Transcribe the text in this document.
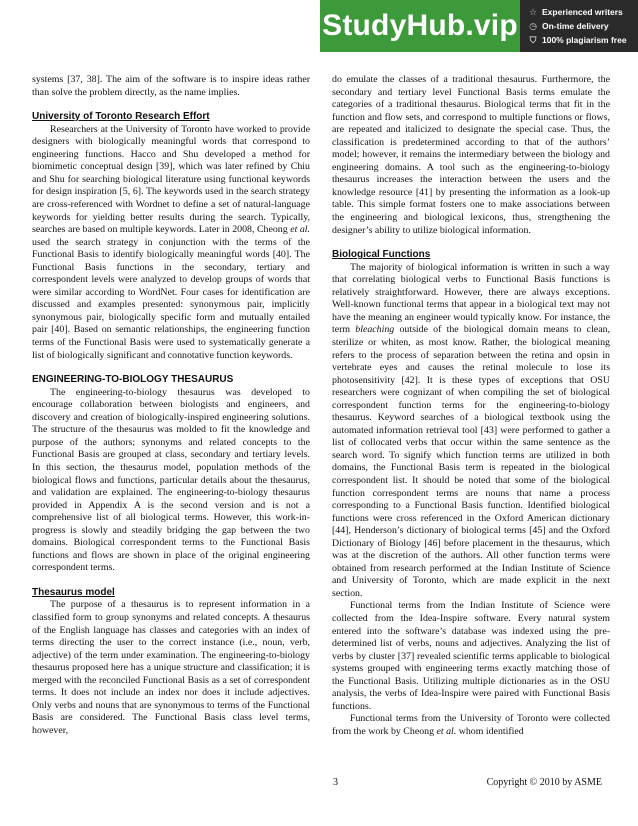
StudyHub.vip ☆ Experienced writers
◷ On-time delivery
⛉ 100% plagiarism free

systems [37, 38]. The aim of the software is to inspire ideas rather than solve the problem directly, as the name implies.

University of Toronto Research Effort

Researchers at the University of Toronto have worked to provide designers with biologically meaningful words that correspond to engineering functions. Hacco and Shu developed a method for biomimetic conceptual design [39], which was later refined by Chiu and Shu for searching biological literature using functional keywords for design inspiration [5, 6]. The keywords used in the search strategy are cross-referenced with Wordnet to define a set of natural-language keywords for yielding better results during the search. Typically, searches are based on multiple keywords. Later in 2008, Cheong et al. used the search strategy in conjunction with the terms of the Functional Basis to identify biologically meaningful words [40]. The Functional Basis functions in the secondary, tertiary and correspondent levels were analyzed to develop groups of words that were similar according to WordNet. Four cases for identification are discussed and examples presented: synonymous pair, implicitly synonymous pair, biologically specific form and mutually entailed pair [40]. Based on semantic relationships, the engineering function terms of the Functional Basis were used to systematically generate a list of biologically significant and connotative function keywords.

ENGINEERING-TO-BIOLOGY THESAURUS

The engineering-to-biology thesaurus was developed to encourage collaboration between biologists and engineers, and discovery and creation of biologically-inspired engineering solutions. The structure of the thesaurus was molded to fit the knowledge and purpose of the authors; synonyms and related concepts to the Functional Basis are grouped at class, secondary and tertiary levels. In this section, the thesaurus model, population methods of the biological flows and functions, particular details about the thesaurus, and validation are explained. The engineering-to-biology thesaurus provided in Appendix A is the second version and is not a comprehensive list of all biological terms. However, this work-in-progress is slowly and steadily bridging the gap between the two domains. Biological correspondent terms to the Functional Basis functions and flows are shown in place of the original engineering correspondent terms.

Thesaurus model

The purpose of a thesaurus is to represent information in a classified form to group synonyms and related concepts. A thesaurus of the English language has classes and categories with an index of terms directing the user to the correct instance (i.e., noun, verb, adjective) of the term under examination. The engineering-to-biology thesaurus proposed here has a unique structure and classification; it is merged with the reconciled Functional Basis as a set of correspondent terms. It does not include an index nor does it include adjectives. Only verbs and nouns that are synonymous to terms of the Functional Basis are considered. The Functional Basis class level terms, however,

do emulate the classes of a traditional thesaurus. Furthermore, the secondary and tertiary level Functional Basis terms emulate the categories of a traditional thesaurus. Biological terms that fit in the function and flow sets, and correspond to multiple functions or flows, are repeated and italicized to designate the special case. Thus, the classification is predetermined according to that of the authors’ model; however, it remains the intermediary between the biology and engineering domains. A tool such as the engineering-to-biology thesaurus increases the interaction between the users and the knowledge resource [41] by presenting the information as a look-up table. This simple format fosters one to make associations between the engineering and biological lexicons, thus, strengthening the designer’s ability to utilize biological information.

Biological Functions

The majority of biological information is written in such a way that correlating biological verbs to Functional Basis functions is relatively straightforward. However, there are always exceptions. Well-known functional terms that appear in a biological text may not have the meaning an engineer would typically know. For instance, the term bleaching outside of the biological domain means to clean, sterilize or whiten, as most know. Rather, the biological meaning refers to the process of separation between the retina and opsin in vertebrate eyes and causes the retinal molecule to lose its photosensitivity [42]. It is these types of exceptions that OSU researchers were cognizant of when compiling the set of biological correspondent function terms for the engineering-to-biology thesaurus. Keyword searches of a biological textbook using the automated information retrieval tool [43] were performed to gather a list of collocated verbs that occur within the same sentence as the search word. To signify which function terms are utilized in both domains, the Functional Basis term is repeated in the biological correspondent list. It should be noted that some of the biological function correspondent terms are nouns that name a process corresponding to a Functional Basis function. Identified biological functions were cross referenced in the Oxford American dictionary [44], Henderson’s dictionary of biological terms [45] and the Oxford Dictionary of Biology [46] before placement in the thesaurus, which was at the discretion of the authors. All other function terms were obtained from research performed at the Indian Institute of Science and University of Toronto, which are made explicit in the next section.

Functional terms from the Indian Institute of Science were collected from the Idea-Inspire software. Every natural system entered into the software’s database was indexed using the pre-determined list of verbs, nouns and adjectives. Analyzing the list of verbs by cluster [37] revealed scientific terms applicable to biological systems grouped with engineering terms exactly matching those of the Functional Basis. Utilizing multiple dictionaries as in the OSU analysis, the verbs of Idea-Inspire were paired with Functional Basis functions.

Functional terms from the University of Toronto were collected from the work by Cheong et al. whom identified

3	Copyright © 2010 by ASME
